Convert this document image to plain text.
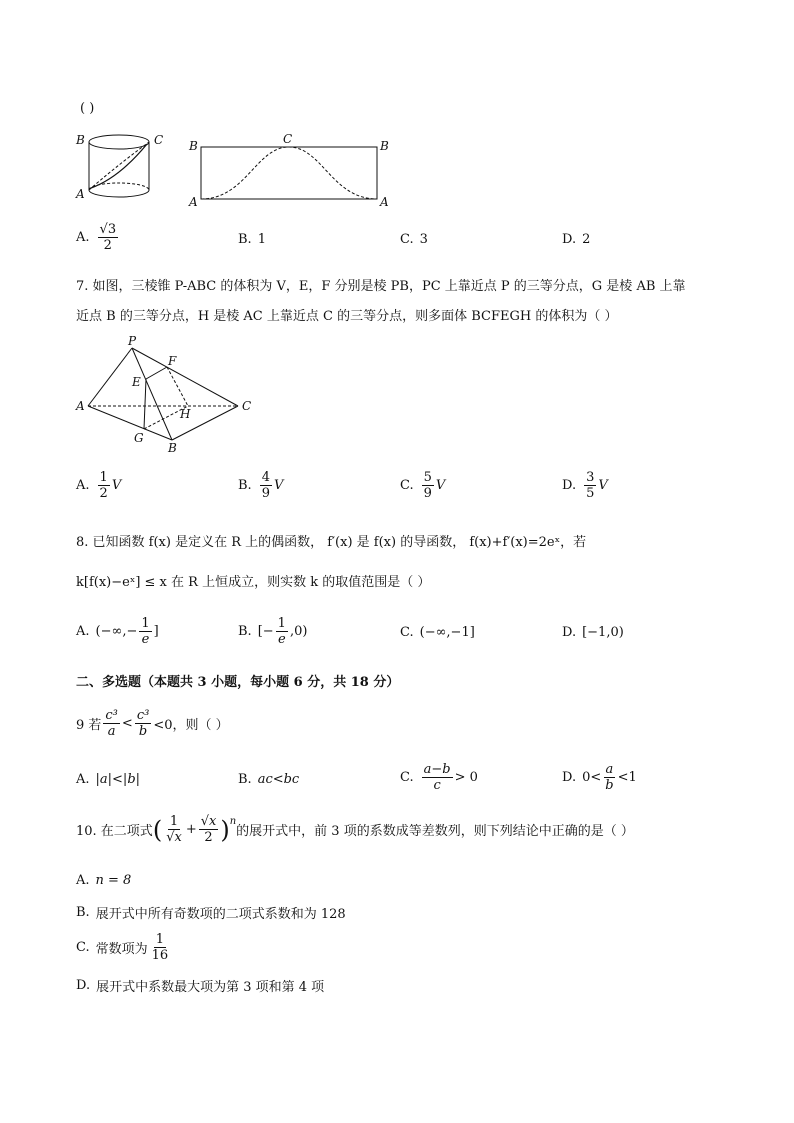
( )
B	C
A
B	C	B
A	A
A. $\frac{√3}{2}$	B. 1	C. 3	D. 2
7. 如图，三棱锥 P-ABC 的体积为 V，E，F 分别是棱 PB，PC 上靠近点 P 的三等分点，G 是棱 AB 上靠
近点 B 的三等分点，H 是棱 AC 上靠近点 C 的三等分点，则多面体 BCFEGH 的体积为（ ）
P
F
E
A
H
C
G
B
A. $\frac{1}{2}$ V	B. $\frac{4}{9}$ V	C. $\frac{5}{9}$ V	D. $\frac{3}{5}$ V
8. 已知函数 f(x) 是定义在 R 上的偶函数， f′(x) 是 f(x) 的导函数， f(x)+f′(x)=2eˣ，若
k[f(x)−eˣ] ≤ x 在 R 上恒成立，则实数 k 的取值范围是（ ）
A. (−∞,− $\frac{1}{e}$ ]	B. [− $\frac{1}{e} ,0$)	C. (−∞,−1]	D. [−1,0)
二、多选题（本题共 3 小题，每小题 6 分，共 18 分）
9 若 $\frac{\text{c³}}{a} < \frac{\text{c³}}{b} <0$，则（ ）
A. |a|<|b|	B. ac<bc	C. $\frac{a-b}{c} > 0$	D. $0< \frac{a}{b} <1$
10. 在二项式 ( $\frac{1}{√x} + \frac{√x}{2}$ ) n
的展开式中，前 3 项的系数成等差数列，则下列结论中正确的是（ ）
A. n = 8
B. 展开式中所有奇数项的二项式系数和为 128
C. 常数项为 $\frac{1}{16}$
D. 展开式中系数最大项为第 3 项和第 4 项
